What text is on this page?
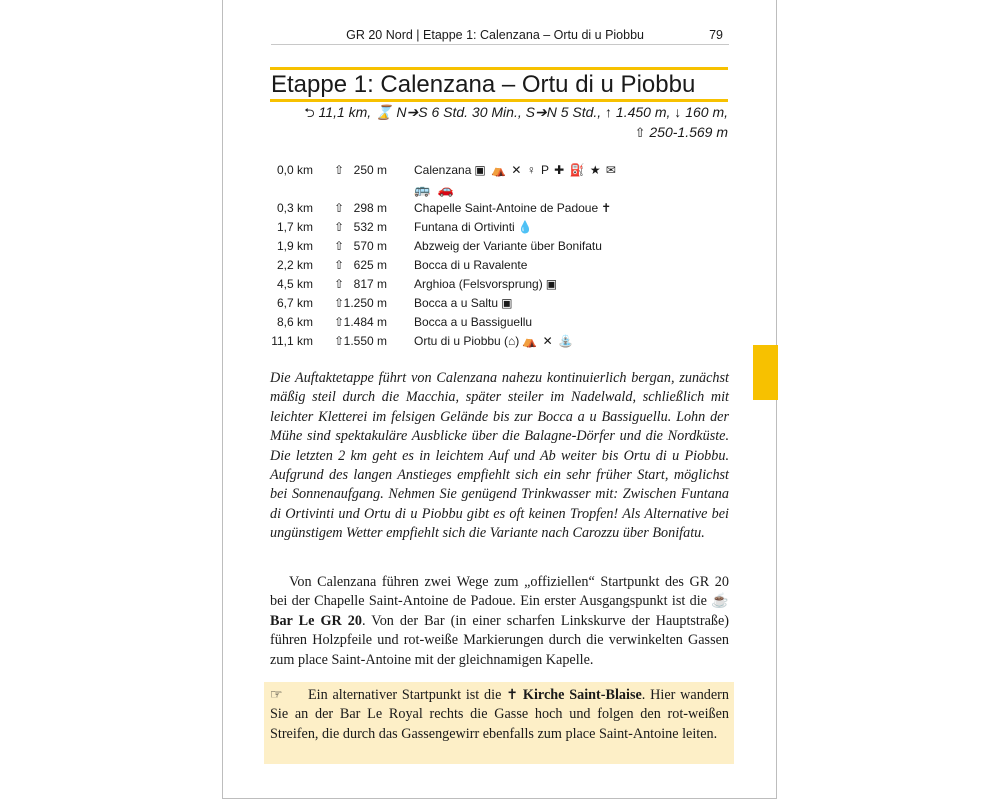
GR 20 Nord | Etappe 1: Calenzana – Ortu di u Piobbu	79
Etappe 1: Calenzana – Ortu di u Piobbu
⮌ 11,1 km, ⌛ N➔S 6 Std. 30 Min., S➔N 5 Std., ↑ 1.450 m, ↓ 160 m,
⇧ 250-1.569 m
0,0 km ⇧ 250 m Calenzana ▣ ⛺ ✕ ♀ P ✚ ⛽ ★ ✉
🚌 🚗
0,3 km ⇧ 298 m Chapelle Saint-Antoine de Padoue ✝
1,7 km ⇧ 532 m Funtana di Ortivinti 💧
1,9 km ⇧ 570 m Abzweig der Variante über Bonifatu
2,2 km ⇧ 625 m Bocca di u Ravalente
4,5 km ⇧ 817 m Arghioa (Felsvorsprung) ▣
6,7 km ⇧ 1.250 m Bocca a u Saltu ▣
8,6 km ⇧ 1.484 m Bocca a u Bassiguellu
11,1 km ⇧ 1.550 m Ortu di u Piobbu (⌂) ⛺ ✕ ⛲

Die Auftaktetappe führt von Calenzana nahezu kontinuierlich bergan, zunächst mäßig steil durch die Macchia, später steiler im Nadelwald, schließlich mit leichter Kletterei im felsigen Gelände bis zur Bocca a u Bassiguellu. Lohn der Mühe sind spektakuläre Ausblicke über die Balagne-Dörfer und die Nordküste. Die letzten 2 km geht es in leichtem Auf und Ab weiter bis Ortu di u Piobbu. Aufgrund des langen Anstieges empfiehlt sich ein sehr früher Start, möglichst bei Sonnenaufgang. Nehmen Sie genügend Trinkwasser mit: Zwischen Funtana di Ortivinti und Ortu di u Piobbu gibt es oft keinen Tropfen! Als Alternative bei ungünstigem Wetter empfiehlt sich die Variante nach Carozzu über Bonifatu.

Von Calenzana führen zwei Wege zum „offiziellen“ Startpunkt des GR 20 bei der Chapelle Saint-Antoine de Padoue. Ein erster Ausgangspunkt ist die ☕ Bar Le GR 20. Von der Bar (in einer scharfen Linkskurve der Hauptstraße) führen Holzpfeile und rot-weiße Markierungen durch die verwinkelten Gassen zum place Saint-Antoine mit der gleichnamigen Kapelle.

☞ Ein alternativer Startpunkt ist die ✝ Kirche Saint-Blaise. Hier wandern Sie an der Bar Le Royal rechts die Gasse hoch und folgen den rot-weißen Streifen, die durch das Gassengewirr ebenfalls zum place Saint-Antoine leiten.
